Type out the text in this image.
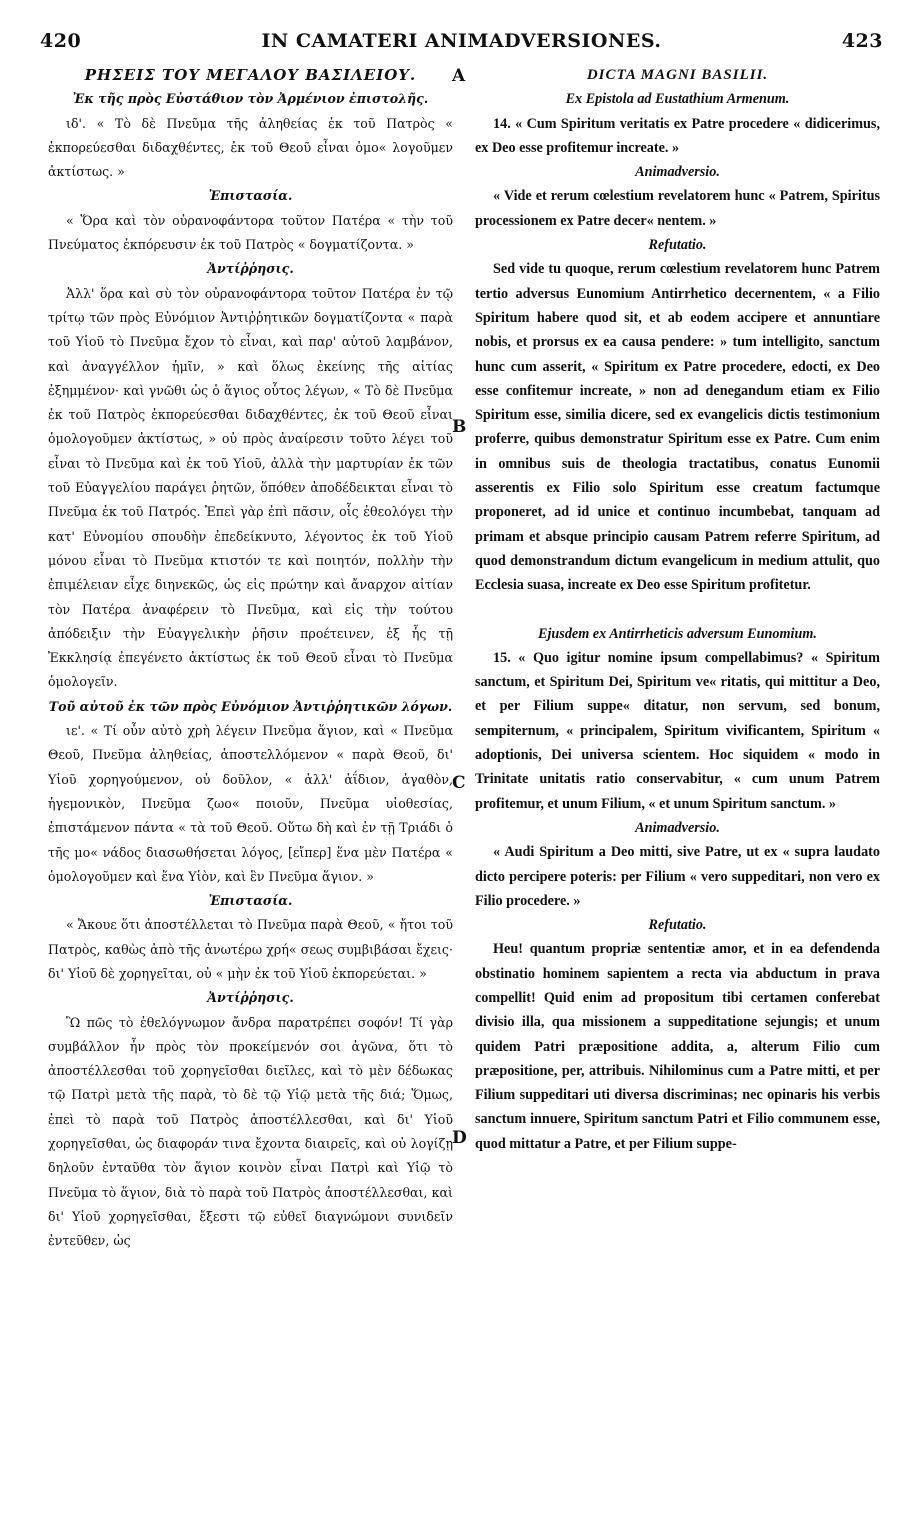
420	IN CAMATERI ANIMADVERSIONES.	423
A
B
C
D
ΡΗΣΕΙΣ ΤΟΥ ΜΕΓΑΛΟΥ ΒΑΣΙΛΕΙΟΥ.
Ἐκ τῆς πρὸς Εὐστάθιον τὸν Ἀρμένιον ἐπιστολῆς.

ιδ'. « Τὸ δὲ Πνεῦμα τῆς ἀληθείας ἐκ τοῦ Πατρὸς « ἐκπορεύεσθαι διδαχθέντες, ἐκ τοῦ Θεοῦ εἶναι ὁμο« λογοῦμεν ἀκτίστως. »

Ἐπιστασία.

« Ὅρα καὶ τὸν οὐρανοφάντορα τοῦτον Πατέρα « τὴν τοῦ Πνεύματος ἐκπόρευσιν ἐκ τοῦ Πατρὸς « δογματίζοντα. »

Ἀντίῤῥησις.

Ἀλλ' ὅρα καὶ σὺ τὸν οὐρανοφάντορα τοῦτον Πατέρα ἐν τῷ τρίτῳ τῶν πρὸς Εὐνόμιον Ἀντιῤῥητικῶν δογματίζοντα « παρὰ τοῦ Υἱοῦ τὸ Πνεῦμα ἔχον τὸ εἶναι, καὶ παρ' αὐτοῦ λαμβάνον, καὶ ἀναγγέλλον ἡμῖν, » καὶ ὅλως ἐκείνης τῆς αἰτίας ἐξημμένον· καὶ γνῶθι ὡς ὁ ἅγιος οὗτος λέγων, « Τὸ δὲ Πνεῦμα ἐκ τοῦ Πατρὸς ἐκπορεύεσθαι διδαχθέντες, ἐκ τοῦ Θεοῦ εἶναι ὁμολογοῦμεν ἀκτίστως, » οὐ πρὸς ἀναίρεσιν τοῦτο λέγει τοῦ εἶναι τὸ Πνεῦμα καὶ ἐκ τοῦ Υἱοῦ, ἀλλὰ τὴν μαρτυρίαν ἐκ τῶν τοῦ Εὐαγγελίου παράγει ῥητῶν, ὅπόθεν ἀποδέδεικται εἶναι τὸ Πνεῦμα ἐκ τοῦ Πατρός. Ἐπεὶ γὰρ ἐπὶ πᾶσιν, οἷς ἐθεολόγει τὴν κατ' Εὐνομίου σπουδὴν ἐπεδείκνυτο, λέγοντος ἐκ τοῦ Υἱοῦ μόνου εἶναι τὸ Πνεῦμα κτιστόν τε καὶ ποιητόν, πολλὴν τὴν ἐπιμέλειαν εἶχε διηνεκῶς, ὡς εἰς πρώτην καὶ ἄναρχον αἰτίαν τὸν Πατέρα ἀναφέρειν τὸ Πνεῦμα, καὶ εἰς τὴν τούτου ἀπόδειξιν τὴν Εὐαγγελικὴν ῥῆσιν προέτεινεν, ἐξ ἧς τῇ Ἐκκλησίᾳ ἐπεγένετο ἀκτίστως ἐκ τοῦ Θεοῦ εἶναι τὸ Πνεῦμα ὁμολογεῖν.

Τοῦ αὐτοῦ ἐκ τῶν πρὸς Εὐνόμιον Ἀντιῤῥητικῶν λόγων.

ιε'. « Τί οὖν αὐτὸ χρὴ λέγειν Πνεῦμα ἅγιον, καὶ « Πνεῦμα Θεοῦ, Πνεῦμα ἀληθείας, ἀποστελλόμενον « παρὰ Θεοῦ, δι' Υἱοῦ χορηγούμενον, οὐ δοῦλον, « ἀλλ' ἀΐδιον, ἀγαθὸν, ἡγεμονικὸν, Πνεῦμα ζωο« ποιοῦν, Πνεῦμα υἱοθεσίας, ἐπιστάμενον πάντα « τὰ τοῦ Θεοῦ. Οὕτω δὴ καὶ ἐν τῇ Τριάδι ὁ τῆς μο« νάδος διασωθήσεται λόγος, [εἴπερ] ἕνα μὲν Πατέρα « ὁμολογοῦμεν καὶ ἕνα Υἱὸν, καὶ ἓν Πνεῦμα ἅγιον. »

Ἐπιστασία.

« Ἄκουε ὅτι ἀποστέλλεται τὸ Πνεῦμα παρὰ Θεοῦ, « ἤτοι τοῦ Πατρὸς, καθὼς ἀπὸ τῆς ἀνωτέρω χρή« σεως συμβιβάσαι ἔχεις· δι' Υἱοῦ δὲ χορηγεῖται, οὐ « μὴν ἐκ τοῦ Υἱοῦ ἐκπορεύεται. »

Ἀντίῤῥησις.

Ὢ πῶς τὸ ἐθελόγνωμον ἄνδρα παρατρέπει σοφόν! Τί γὰρ συμβάλλον ἦν πρὸς τὸν προκείμενόν σοι ἀγῶνα, ὅτι τὸ ἀποστέλλεσθαι τοῦ χορηγεῖσθαι διεῖλες, καὶ τὸ μὲν δέδωκας τῷ Πατρὶ μετὰ τῆς παρὰ, τὸ δὲ τῷ Υἱῷ μετὰ τῆς διά; Ὅμως, ἐπεὶ τὸ παρὰ τοῦ Πατρὸς ἀποστέλλεσθαι, καὶ δι' Υἱοῦ χορηγεῖσθαι, ὡς διαφοράν τινα ἔχοντα διαιρεῖς, καὶ οὐ λογίζῃ δηλοῦν ἐνταῦθα τὸν ἅγιον κοινὸν εἶναι Πατρὶ καὶ Υἱῷ τὸ Πνεῦμα τὸ ἅγιον, διὰ τὸ παρὰ τοῦ Πατρὸς ἀποστέλλεσθαι, καὶ δι' Υἱοῦ χορηγεῖσθαι, ἔξεστι τῷ εὐθεῖ διαγνώμονι συνιδεῖν ἐντεῦθεν, ὡς

DICTA MAGNI BASILII.
Ex Epistola ad Eustathium Armenum.

14. « Cum Spiritum veritatis ex Patre procedere « didicerimus, ex Deo esse profitemur increate. »

Animadversio.

« Vide et rerum cœlestium revelatorem hunc « Patrem, Spiritus processionem ex Patre decer« nentem. »

Refutatio.

Sed vide tu quoque, rerum cœlestium revelatorem hunc Patrem tertio adversus Eunomium Antirrhetico decernentem, « a Filio Spiritum habere quod sit, et ab eodem accipere et annuntiare nobis, et prorsus ex ea causa pendere: » tum intelligito, sanctum hunc cum asserit, « Spiritum ex Patre procedere, edocti, ex Deo esse confitemur increate, » non ad denegandum etiam ex Filio Spiritum esse, similia dicere, sed ex evangelicis dictis testimonium proferre, quibus demonstratur Spiritum esse ex Patre. Cum enim in omnibus suis de theologia tractatibus, conatus Eunomii asserentis ex Filio solo Spiritum esse creatum factumque proponeret, ad id unice et continuo incumbebat, tanquam ad primam et absque principio causam Patrem referre Spiritum, ad quod demonstrandum dictum evangelicum in medium attulit, quo Ecclesia suasa, increate ex Deo esse Spiritum profitetur.

Ejusdem ex Antirrheticis adversum Eunomium.

15. « Quo igitur nomine ipsum compellabimus? « Spiritum sanctum, et Spiritum Dei, Spiritum ve« ritatis, qui mittitur a Deo, et per Filium suppe« ditatur, non servum, sed bonum, sempiternum, « principalem, Spiritum vivificantem, Spiritum « adoptionis, Dei universa scientem. Hoc siquidem « modo in Trinitate unitatis ratio conservabitur, « cum unum Patrem profitemur, et unum Filium, « et unum Spiritum sanctum. »

Animadversio.

« Audi Spiritum a Deo mitti, sive Patre, ut ex « supra laudato dicto percipere poteris: per Filium « vero suppeditari, non vero ex Filio procedere. »

Refutatio.

Heu! quantum propriæ sententiæ amor, et in ea defendenda obstinatio hominem sapientem a recta via abductum in prava compellit! Quid enim ad propositum tibi certamen conferebat divisio illa, qua missionem a suppeditatione sejungis; et unum quidem Patri præpositione addita, a, alterum Filio cum præpositione, per, attribuis. Nihilominus cum a Patre mitti, et per Filium suppeditari uti diversa discriminas; nec opinaris his verbis sanctum innuere, Spiritum sanctum Patri et Filio communem esse, quod mittatur a Patre, et per Filium suppe-
